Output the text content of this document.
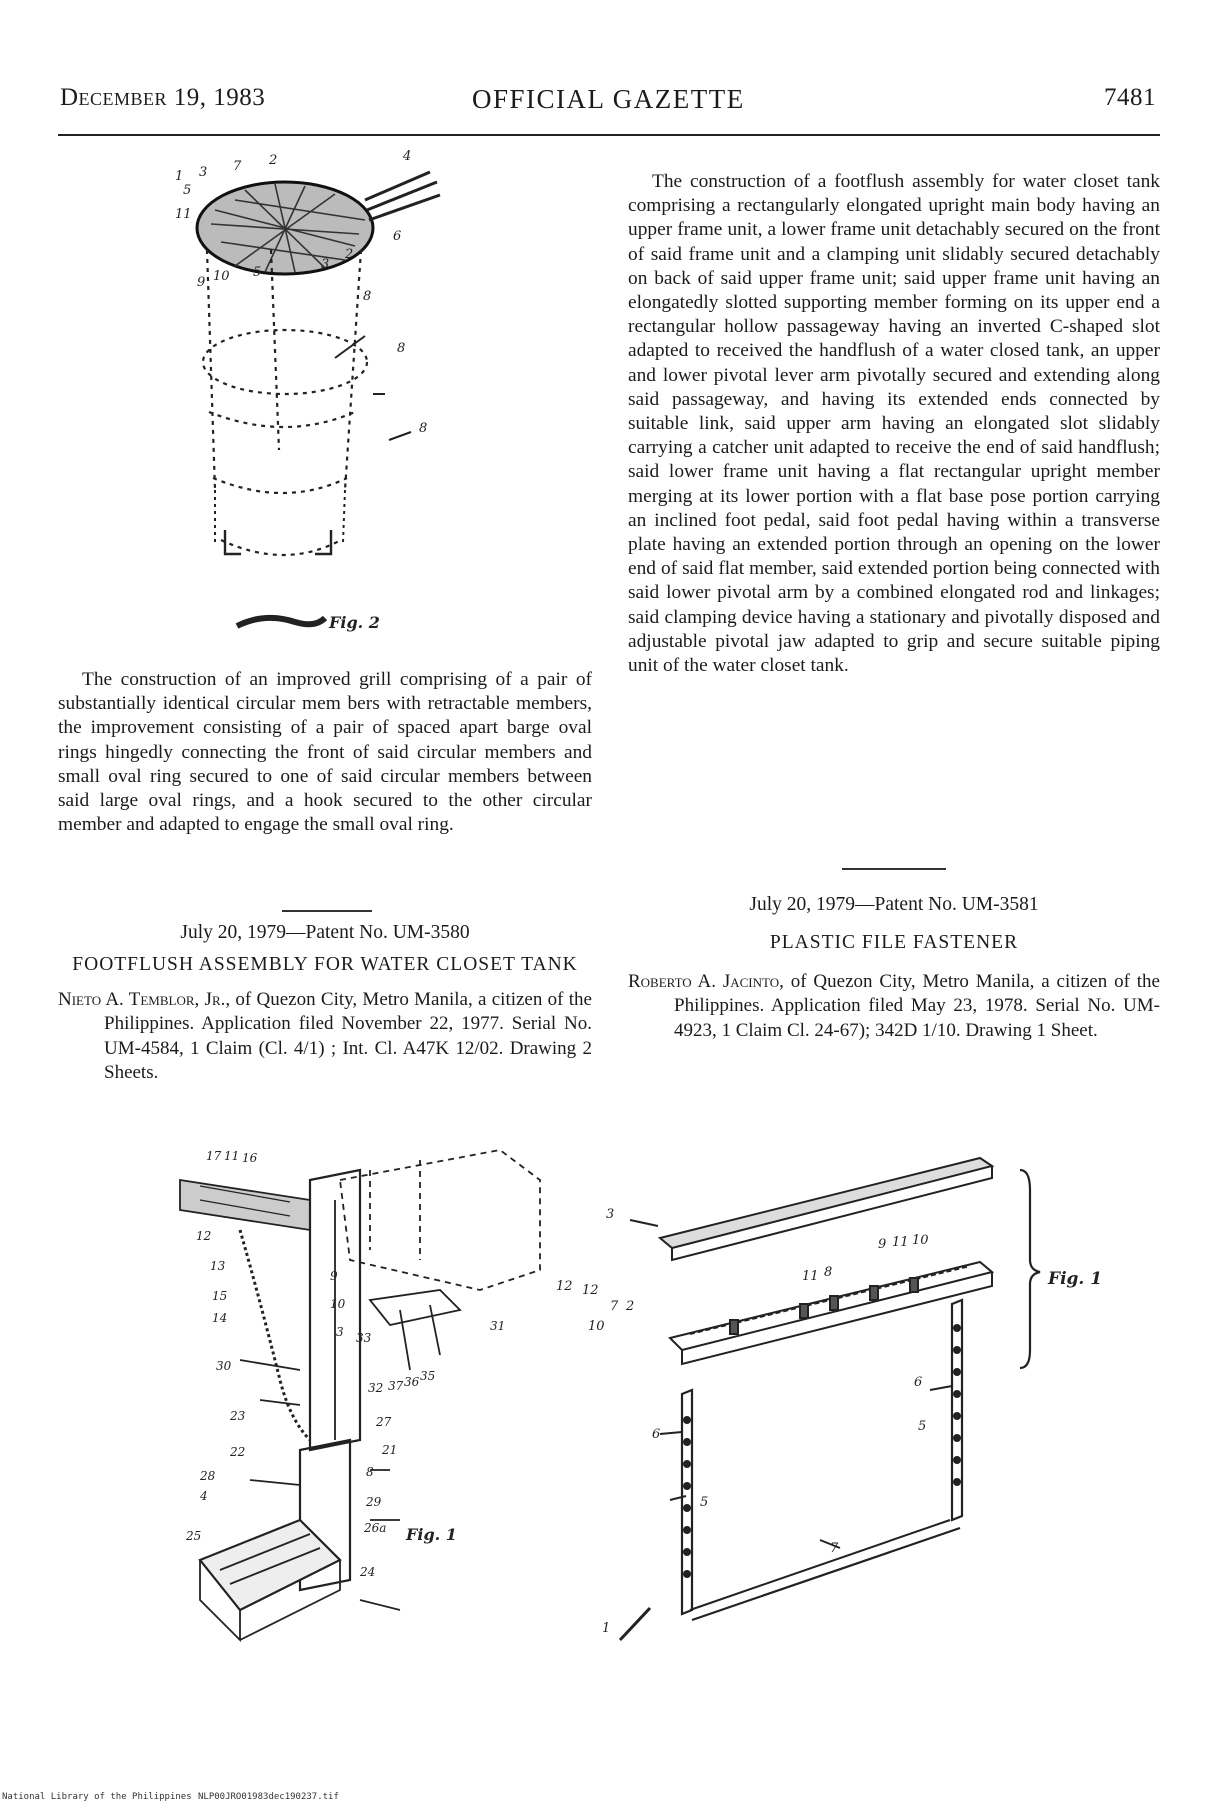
December 19, 1983	OFFICIAL GAZETTE	7481
1
2
3
4
5
6
7
8
9 10
11
5
3
2
8
8
Fig. 2

The construction of an improved grill comprising of a pair of substantially identical circular mem bers with retractable members, the improvement consisting of a pair of spaced apart barge oval rings hingedly connecting the front of said circular members and small oval ring secured to one of said circular members between said large oval rings, and a hook secured to the other circular member and adapted to engage the small oval ring.

July 20, 1979—Patent No. UM-3580

FOOTFLUSH ASSEMBLY FOR WATER CLOSET TANK

Nieto A. Temblor, Jr., of Quezon City, Metro Manila, a citizen of the Philippines. Application filed November 22, 1977. Serial No. UM-4584, 1 Claim (Cl. 4/1) ; Int. Cl. A47K 12/02. Drawing 2 Sheets.

17 11 16
12
13
9
15
14
10
3 33
31
32 37 36 35
27
21
22
23
8
29
26a
24
25
4
28
30
Fig. 1

The construction of a footflush assembly for water closet tank comprising a rectangularly elongated upright main body having an upper frame unit, a lower frame unit detachably secured on the front of said frame unit and a clamping unit slidably secured detachably on back of said upper frame unit; said upper frame unit having an elongatedly slotted supporting member forming on its upper end a rectangular hollow passageway having an inverted C-shaped slot adapted to received the handflush of a water closed tank, an upper and lower pivotal lever arm pivotally secured and extending along said passageway, and having its extended ends connected by suitable link, said upper arm having an elongated slot slidably carrying a catcher unit adapted to receive the end of said handflush; said lower frame unit having a flat rectangular upright member merging at its lower portion with a flat base pose portion carrying an inclined foot pedal, said foot pedal having within a transverse plate having an extended portion through an opening on the lower end of said flat member, said extended portion being connected with said lower pivotal arm by a combined elongated rod and linkages; said clamping device having a stationary and pivotally disposed and adjustable pivotal jaw adapted to grip and secure suitable piping unit of the water closet tank.

July 20, 1979—Patent No. UM-3581

PLASTIC FILE FASTENER

Roberto A. Jacinto, of Quezon City, Metro Manila, a citizen of the Philippines. Application filed May 23, 1978. Serial No. UM-4923, 1 Claim Cl. 24-67); 342D 1/10. Drawing 1 Sheet.

3
12 12
10
7 2
11 8
9 11 10
6
6
5
5
7
1
Fig. 1
National Library of the Philippines NLP00JRO01983dec190237.tif
